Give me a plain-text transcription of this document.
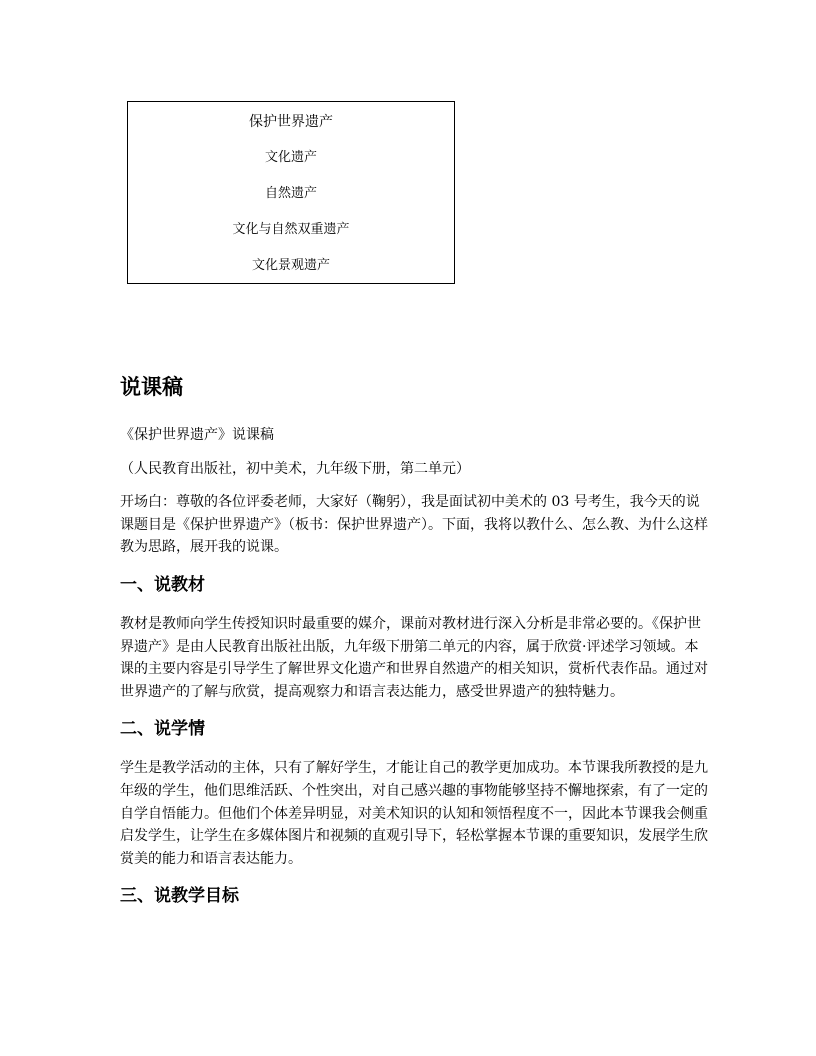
保护世界遗产
文化遗产
自然遗产
文化与自然双重遗产
文化景观遗产
说课稿

《保护世界遗产》说课稿

（人民教育出版社，初中美术，九年级下册，第二单元）

开场白：尊敬的各位评委老师，大家好（鞠躬），我是面试初中美术的 03 号考生，我今天的说课题目是《保护世界遗产》（板书：保护世界遗产）。下面，我将以教什么、怎么教、为什么这样教为思路，展开我的说课。

一、说教材

教材是教师向学生传授知识时最重要的媒介，课前对教材进行深入分析是非常必要的。《保护世界遗产》是由人民教育出版社出版，九年级下册第二单元的内容，属于欣赏·评述学习领域。本课的主要内容是引导学生了解世界文化遗产和世界自然遗产的相关知识，赏析代表作品。通过对世界遗产的了解与欣赏，提高观察力和语言表达能力，感受世界遗产的独特魅力。

二、说学情

学生是教学活动的主体，只有了解好学生，才能让自己的教学更加成功。本节课我所教授的是九年级的学生，他们思维活跃、个性突出，对自己感兴趣的事物能够坚持不懈地探索，有了一定的自学自悟能力。但他们个体差异明显，对美术知识的认知和领悟程度不一，因此本节课我会侧重启发学生，让学生在多媒体图片和视频的直观引导下，轻松掌握本节课的重要知识，发展学生欣赏美的能力和语言表达能力。

三、说教学目标
